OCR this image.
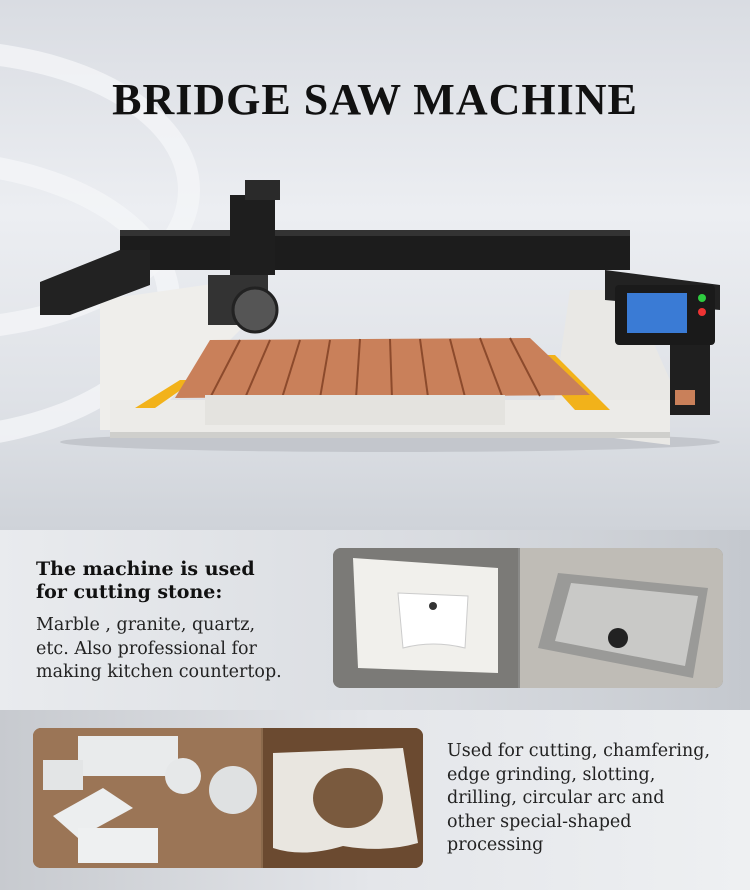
BRIDGE SAW MACHINE
The machine is used
for cutting stone:
Marble , granite, quartz,
etc. Also professional for
making kitchen countertop.
Used for cutting, chamfering,
edge grinding, slotting,
drilling, circular arc and
other special-shaped
processing
